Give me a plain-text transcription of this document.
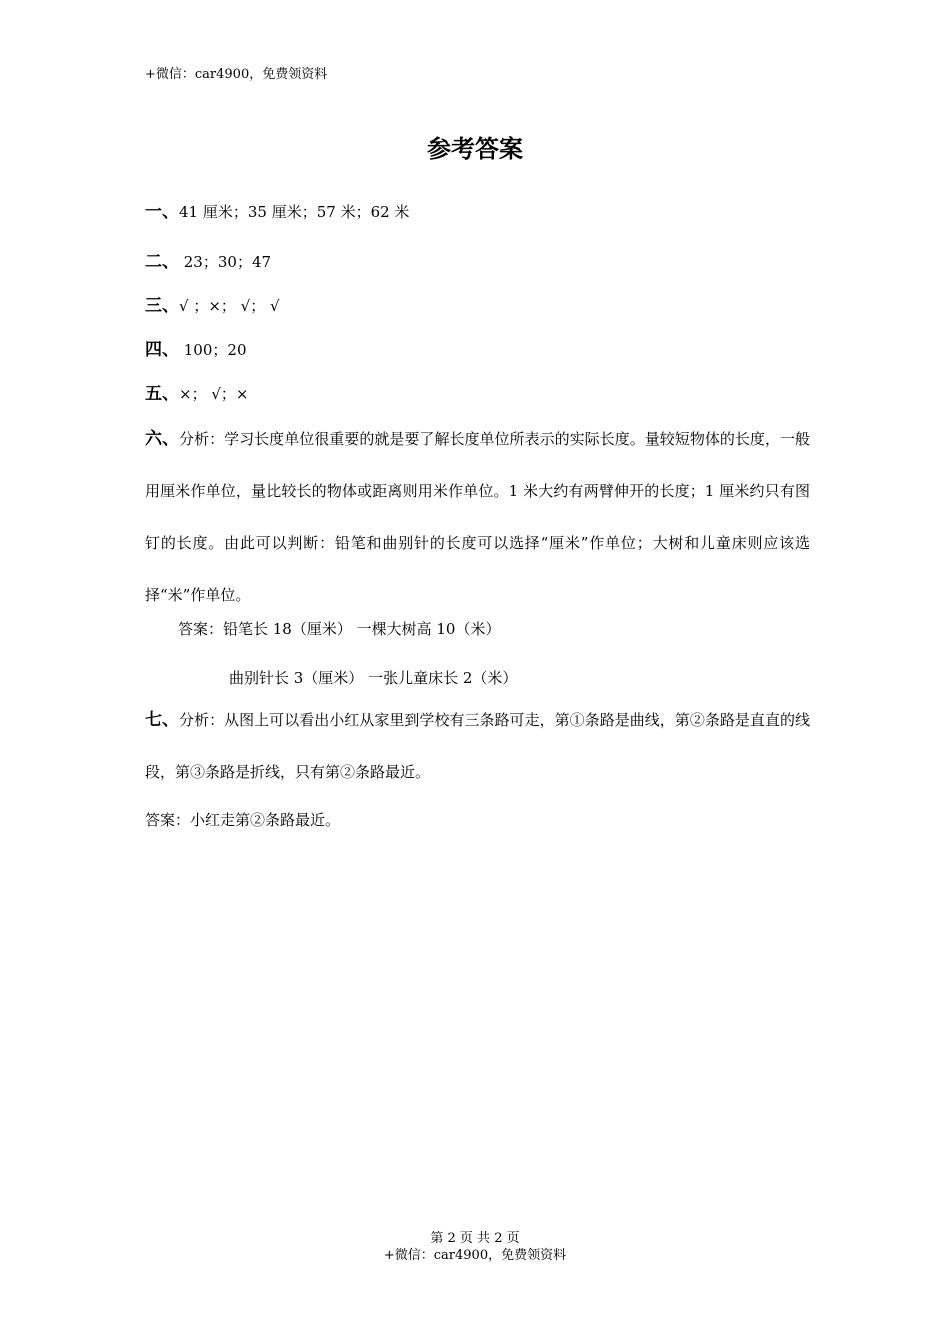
+微信：car4900，免费领资料
参考答案
一、41 厘米；35 厘米；57 米；62 米
二、 23；30；47
三、√ ；×； √； √
四、 100；20
五、×； √；×
六、分析：学习长度单位很重要的就是要了解长度单位所表示的实际长度。量较短物体的长度，一般用厘米作单位，量比较长的物体或距离则用米作单位。1 米大约有两臂伸开的长度；1 厘米约只有图钉的长度。由此可以判断：铅笔和曲别针的长度可以选择“厘米”作单位；大树和儿童床则应该选择“米”作单位。
答案：铅笔长 18（厘米） 一棵大树高 10（米）
曲别针长 3（厘米） 一张儿童床长 2（米）
七、分析：从图上可以看出小红从家里到学校有三条路可走，第①条路是曲线，第②条路是直直的线段，第③条路是折线，只有第②条路最近。
答案：小红走第②条路最近。
第 2 页 共 2 页
+微信：car4900，免费领资料
